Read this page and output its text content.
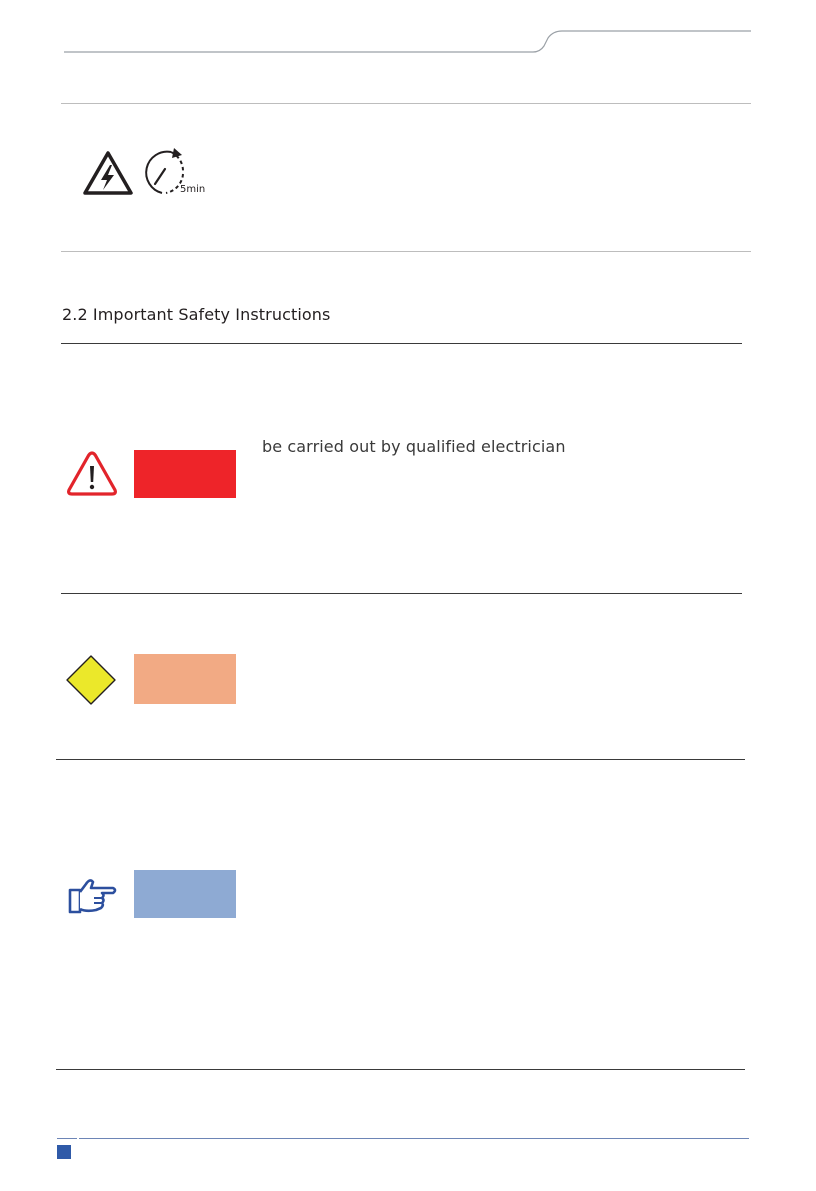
5min
2.2 Important Safety Instructions
be carried out by qualified electrician
